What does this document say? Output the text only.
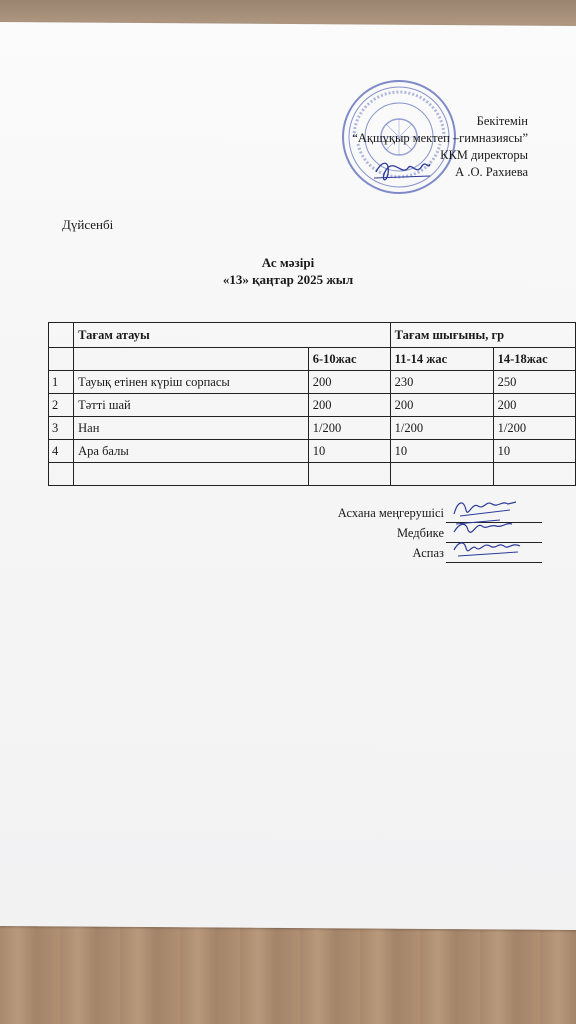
Бекітемін
“Ақшұқыр мектеп –гимназиясы”
ККМ директоры
А .О. Рахиева
Дүйсенбі
Ас мәзірі
«13» қаңтар 2025 жыл
	Тағам атауы		Тағам шығыны, гр	
		6-10жас	11-14 жас	14-18жас
1	Тауық етінен күріш сорпасы	200	230	250
2	Тәтті шай	200	200	200
3	Нан	1/200	1/200	1/200
4	Ара балы	10	10	10

Асхана меңгерушісі
Медбике
Аспаз
